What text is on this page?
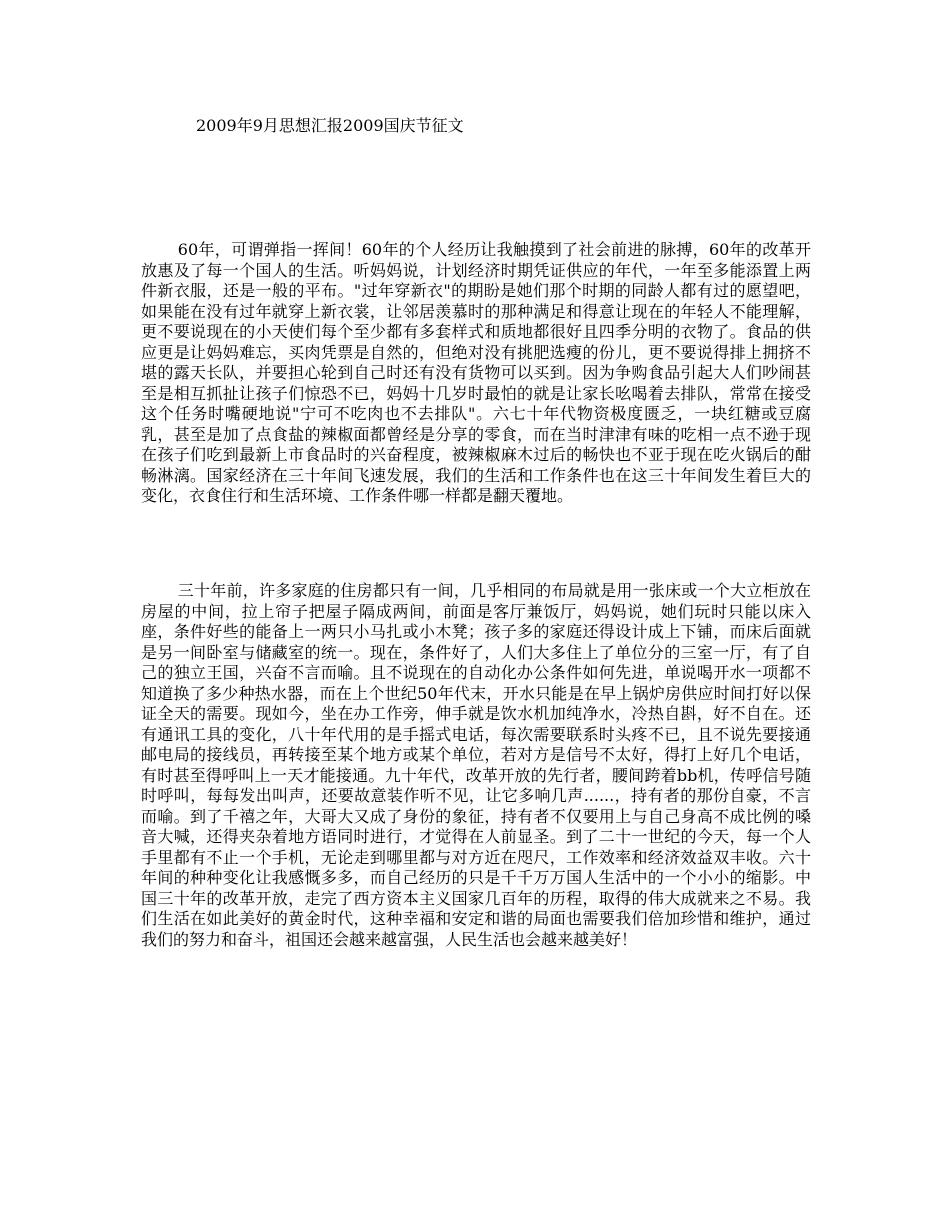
2009年9月思想汇报2009国庆节征文

60年，可谓弹指一挥间！60年的个人经历让我触摸到了社会前进的脉搏，60年的改革开放惠及了每一个国人的生活。听妈妈说，计划经济时期凭证供应的年代，一年至多能添置上两件新衣服，还是一般的平布。"过年穿新衣"的期盼是她们那个时期的同龄人都有过的愿望吧，如果能在没有过年就穿上新衣裳，让邻居羡慕时的那种满足和得意让现在的年轻人不能理解，更不要说现在的小天使们每个至少都有多套样式和质地都很好且四季分明的衣物了。食品的供应更是让妈妈难忘，买肉凭票是自然的，但绝对没有挑肥选瘦的份儿，更不要说得排上拥挤不堪的露天长队，并要担心轮到自己时还有没有货物可以买到。因为争购食品引起大人们吵闹甚至是相互抓扯让孩子们惊恐不已，妈妈十几岁时最怕的就是让家长吆喝着去排队，常常在接受这个任务时嘴硬地说"宁可不吃肉也不去排队"。六七十年代物资极度匮乏，一块红糖或豆腐乳，甚至是加了点食盐的辣椒面都曾经是分享的零食，而在当时津津有味的吃相一点不逊于现在孩子们吃到最新上市食品时的兴奋程度，被辣椒麻木过后的畅快也不亚于现在吃火锅后的酣畅淋漓。国家经济在三十年间飞速发展，我们的生活和工作条件也在这三十年间发生着巨大的变化，衣食住行和生活环境、工作条件哪一样都是翻天覆地。

三十年前，许多家庭的住房都只有一间，几乎相同的布局就是用一张床或一个大立柜放在房屋的中间，拉上帘子把屋子隔成两间，前面是客厅兼饭厅，妈妈说，她们玩时只能以床入座，条件好些的能备上一两只小马扎或小木凳；孩子多的家庭还得设计成上下铺，而床后面就是另一间卧室与储藏室的统一。现在，条件好了，人们大多住上了单位分的三室一厅，有了自己的独立王国，兴奋不言而喻。且不说现在的自动化办公条件如何先进，单说喝开水一项都不知道换了多少种热水器，而在上个世纪50年代末，开水只能是在早上锅炉房供应时间打好以保证全天的需要。现如今，坐在办工作旁，伸手就是饮水机加纯净水，冷热自斟，好不自在。还有通讯工具的变化，八十年代用的是手摇式电话，每次需要联系时头疼不已，且不说先要接通邮电局的接线员，再转接至某个地方或某个单位，若对方是信号不太好，得打上好几个电话，有时甚至得呼叫上一天才能接通。九十年代，改革开放的先行者，腰间跨着bb机，传呼信号随时呼叫，每每发出叫声，还要故意装作听不见，让它多响几声......，持有者的那份自豪，不言而喻。到了千禧之年，大哥大又成了身份的象征，持有者不仅要用上与自己身高不成比例的嗓音大喊，还得夹杂着地方语同时进行，才觉得在人前显圣。到了二十一世纪的今天，每一个人手里都有不止一个手机，无论走到哪里都与对方近在咫尺，工作效率和经济效益双丰收。六十年间的种种变化让我感慨多多，而自己经历的只是千千万万国人生活中的一个小小的缩影。中国三十年的改革开放，走完了西方资本主义国家几百年的历程，取得的伟大成就来之不易。我们生活在如此美好的黄金时代，这种幸福和安定和谐的局面也需要我们倍加珍惜和维护，通过我们的努力和奋斗，祖国还会越来越富强，人民生活也会越来越美好！
